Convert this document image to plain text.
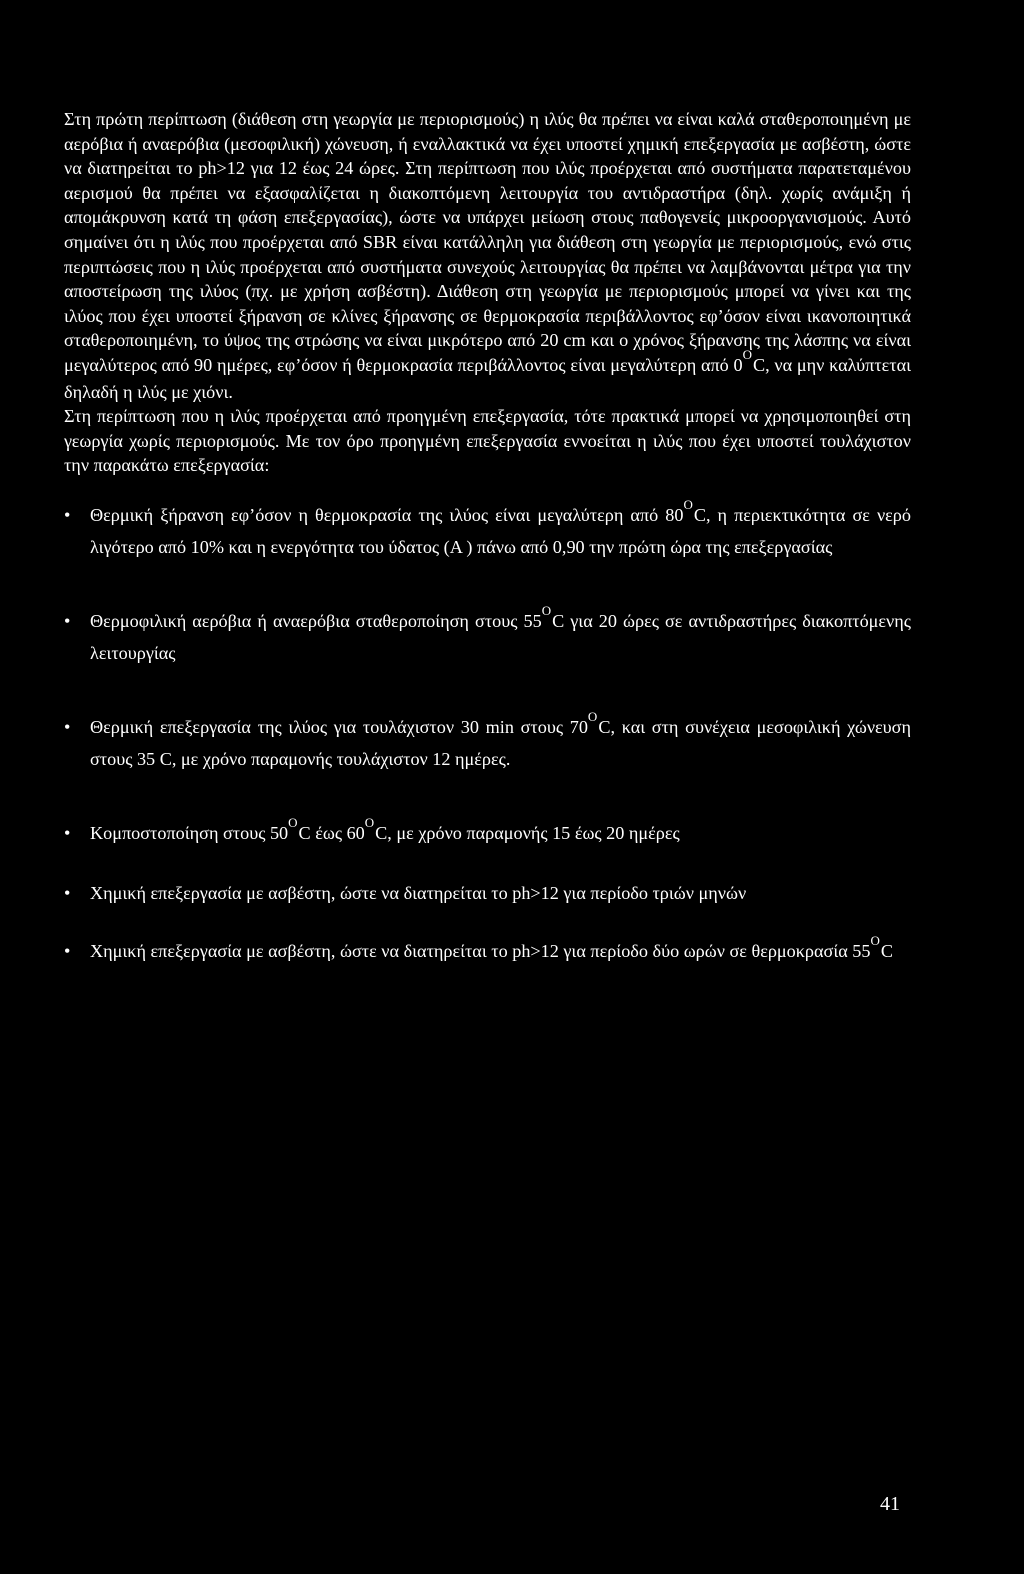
Στη πρώτη περίπτωση (διάθεση στη γεωργία με περιορισμούς) η ιλύς θα πρέπει να είναι καλά σταθεροποιημένη με αερόβια ή αναερόβια (μεσοφιλική) χώνευση, ή εναλλακτικά να έχει υποστεί χημική επεξεργασία με ασβέστη, ώστε να διατηρείται το ph>12 για 12 έως 24 ώρες. Στη περίπτωση που ιλύς προέρχεται από συστήματα παρατεταμένου αερισμού θα πρέπει να εξασφαλίζεται η διακοπτόμενη λειτουργία του αντιδραστήρα (δηλ. χωρίς ανάμιξη ή απομάκρυνση κατά τη φάση επεξεργασίας), ώστε να υπάρχει μείωση στους παθογενείς μικροοργανισμούς. Αυτό σημαίνει ότι η ιλύς που προέρχεται από SBR είναι κατάλληλη για διάθεση στη γεωργία με περιορισμούς, ενώ στις περιπτώσεις που η ιλύς προέρχεται από συστήματα συνεχούς λειτουργίας θα πρέπει να λαμβάνονται μέτρα για την αποστείρωση της ιλύος (πχ. με χρήση ασβέστη). Διάθεση στη γεωργία με περιορισμούς μπορεί να γίνει και της ιλύος που έχει υποστεί ξήρανση σε κλίνες ξήρανσης σε θερμοκρασία περιβάλλοντος εφ’όσον είναι ικανοποιητικά σταθεροποιημένη, το ύψος της στρώσης να είναι μικρότερο από 20 cm και ο χρόνος ξήρανσης της λάσπης να είναι μεγαλύτερος από 90 ημέρες, εφ’όσον ή θερμοκρασία περιβάλλοντος είναι μεγαλύτερη από $0^OC$, να μην καλύπτεται δηλαδή η ιλύς με χιόνι.

Στη περίπτωση που η ιλύς προέρχεται από προηγμένη επεξεργασία, τότε πρακτικά μπορεί να χρησιμοποιηθεί στη γεωργία χωρίς περιορισμούς. Με τον όρο προηγμένη επεξεργασία εννοείται η ιλύς που έχει υποστεί τουλάχιστον την παρακάτω επεξεργασία:

• Θερμική ξήρανση εφ’όσον η θερμοκρασία της ιλύος είναι μεγαλύτερη από $80^OC$, η περιεκτικότητα σε νερό λιγότερο από 10% και η ενεργότητα του ύδατος (Α ) πάνω από 0,90 την πρώτη ώρα της επεξεργασίας
• Θερμοφιλική αερόβια ή αναερόβια σταθεροποίηση στους $55^OC$ για 20 ώρες σε αντιδραστήρες διακοπτόμενης λειτουργίας
• Θερμική επεξεργασία της ιλύος για τουλάχιστον 30 min στους $70^OC$, και στη συνέχεια μεσοφιλική χώνευση στους 35 C, με χρόνο παραμονής τουλάχιστον 12 ημέρες.
• Κομποστοποίηση στους $50^OC$ έως $60^OC$, με χρόνο παραμονής 15 έως 20 ημέρες
• Χημική επεξεργασία με ασβέστη, ώστε να διατηρείται το ph>12 για περίοδο τριών μηνών
• Χημική επεξεργασία με ασβέστη, ώστε να διατηρείται το ph>12 για περίοδο δύο ωρών σε θερμοκρασία $55^OC$
41
